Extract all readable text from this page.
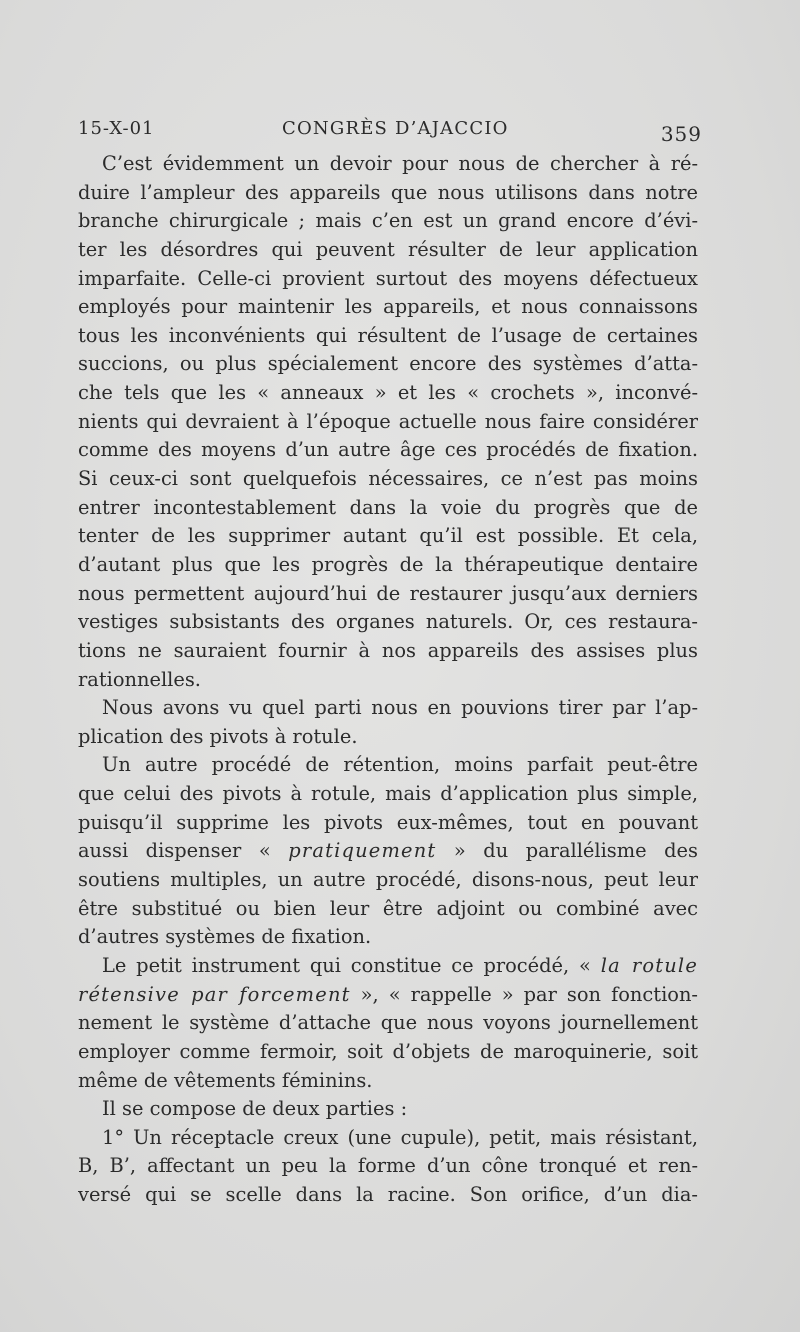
15-X-01	CONGRÈS D’AJACCIO	359
C’est évidemment un devoir pour nous de chercher à ré-
duire l’ampleur des appareils que nous utilisons dans notre
branche chirurgicale ; mais c’en est un grand encore d’évi-
ter les désordres qui peuvent résulter de leur application
imparfaite. Celle-ci provient surtout des moyens défectueux
employés pour maintenir les appareils, et nous connaissons
tous les inconvénients qui résultent de l’usage de certaines
succions, ou plus spécialement encore des systèmes d’atta-
che tels que les « anneaux » et les « crochets », inconvé-
nients qui devraient à l’époque actuelle nous faire considérer
comme des moyens d’un autre âge ces procédés de fixation.
Si ceux-ci sont quelquefois nécessaires, ce n’est pas moins
entrer incontestablement dans la voie du progrès que de
tenter de les supprimer autant qu’il est possible. Et cela,
d’autant plus que les progrès de la thérapeutique dentaire
nous permettent aujourd’hui de restaurer jusqu’aux derniers
vestiges subsistants des organes naturels. Or, ces restaura-
tions ne sauraient fournir à nos appareils des assises plus
rationnelles.
Nous avons vu quel parti nous en pouvions tirer par l’ap-
plication des pivots à rotule.
Un autre procédé de rétention, moins parfait peut-être
que celui des pivots à rotule, mais d’application plus simple,
puisqu’il supprime les pivots eux-mêmes, tout en pouvant
aussi dispenser « pratiquement » du parallélisme des
soutiens multiples, un autre procédé, disons-nous, peut leur
être substitué ou bien leur être adjoint ou combiné avec
d’autres systèmes de fixation.
Le petit instrument qui constitue ce procédé, « la rotule
rétensive par forcement », « rappelle » par son fonction-
nement le système d’attache que nous voyons journellement
employer comme fermoir, soit d’objets de maroquinerie, soit
même de vêtements féminins.
Il se compose de deux parties :
1° Un réceptacle creux (une cupule), petit, mais résistant,
B, B’, affectant un peu la forme d’un cône tronqué et ren-
versé qui se scelle dans la racine. Son orifice, d’un dia-
